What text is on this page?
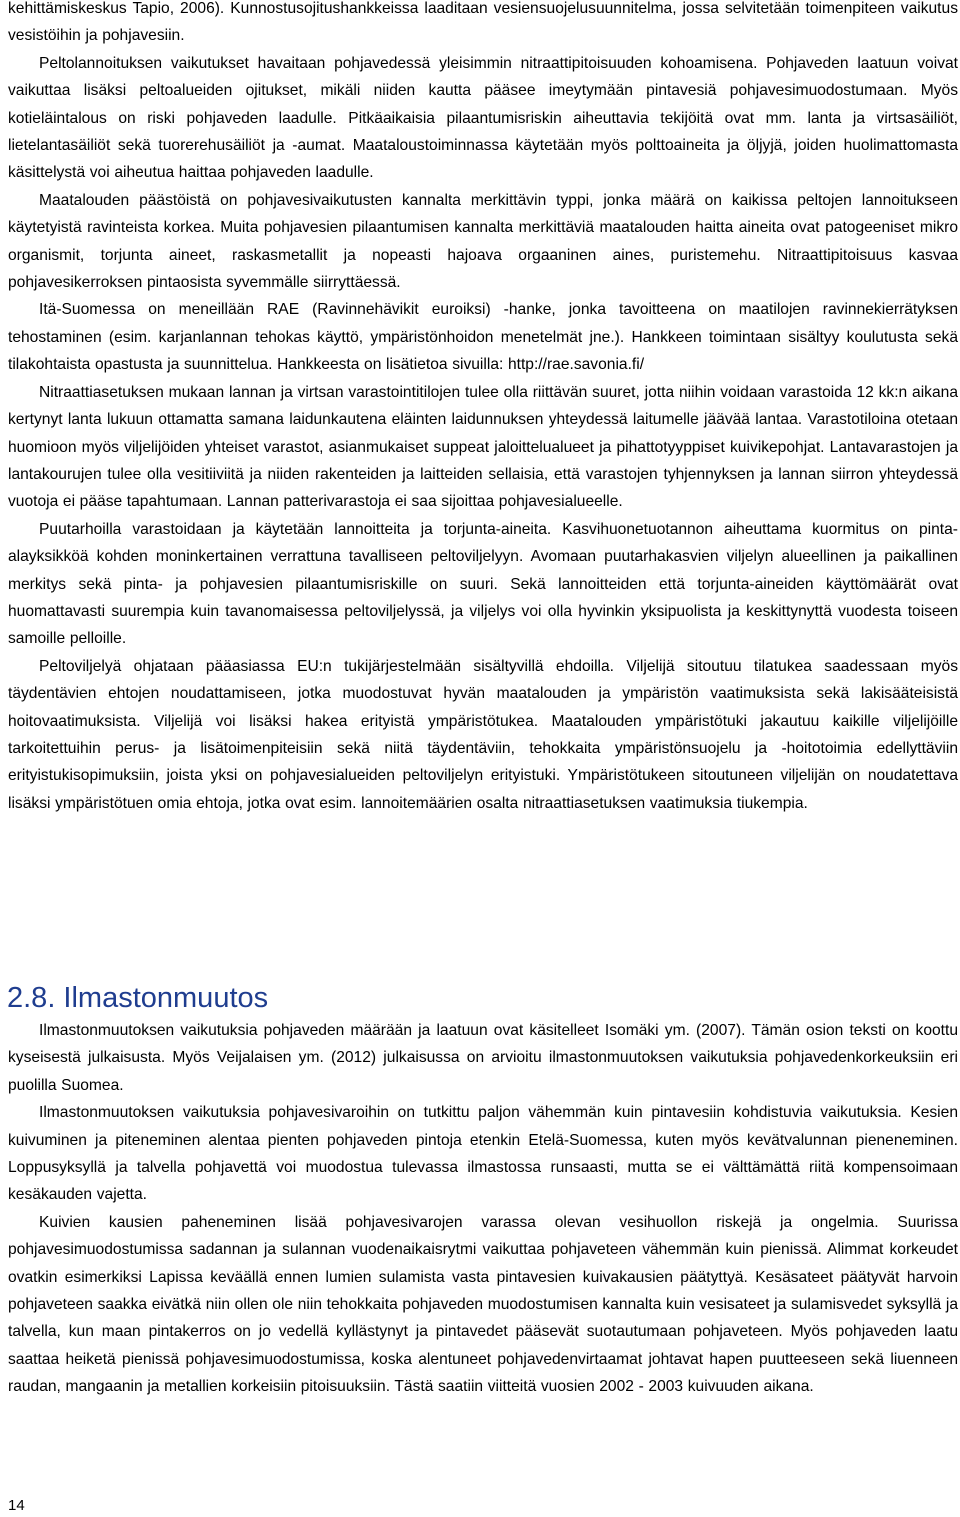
kehittämiskeskus Tapio, 2006). Kunnostusojitushankkeissa laaditaan vesiensuojelusuunnitelma, jossa selvitetään toimenpiteen vaikutus vesistöihin ja pohjavesiin.

Peltolannoituksen vaikutukset havaitaan pohjavedessä yleisimmin nitraattipitoisuuden kohoamisena. Pohjaveden laatuun voivat vaikuttaa lisäksi peltoalueiden ojitukset, mikäli niiden kautta pääsee imeytymään pintavesiä pohjavesimuodostumaan. Myös kotieläintalous on riski pohjaveden laadulle. Pitkäaikaisia pilaantumisriskin aiheuttavia tekijöitä ovat mm. lanta ja virtsasäiliöt, lietelantasäiliöt sekä tuorerehusäiliöt ja -aumat. Maataloustoiminnassa käytetään myös polttoaineita ja öljyjä, joiden huolimattomasta käsittelystä voi aiheutua haittaa pohjaveden laadulle.

Maatalouden päästöistä on pohjavesivaikutusten kannalta merkittävin typpi, jonka määrä on kaikissa peltojen lannoitukseen käytetyistä ravinteista korkea. Muita pohjavesien pilaantumisen kannalta merkittäviä maatalouden haitta aineita ovat patogeeniset mikro organismit, torjunta aineet, raskasmetallit ja nopeasti hajoava orgaaninen aines, puristemehu. Nitraattipitoisuus kasvaa pohjavesikerroksen pintaosista syvemmälle siirryttäessä.

Itä-Suomessa on meneillään RAE (Ravinnehävikit euroiksi) -hanke, jonka tavoitteena on maatilojen ravinnekierrätyksen tehostaminen (esim. karjanlannan tehokas käyttö, ympäristönhoidon menetelmät jne.). Hankkeen toimintaan sisältyy koulutusta sekä tilakohtaista opastusta ja suunnittelua. Hankkeesta on lisätietoa sivuilla: http://rae.savonia.fi/

Nitraattiasetuksen mukaan lannan ja virtsan varastointitilojen tulee olla riittävän suuret, jotta niihin voidaan varastoida 12 kk:n aikana kertynyt lanta lukuun ottamatta samana laidunkautena eläinten laidunnuksen yhteydessä laitumelle jäävää lantaa. Varastotiloina otetaan huomioon myös viljelijöiden yhteiset varastot, asianmukaiset suppeat jaloittelualueet ja pihattotyyppiset kuivikepohjat. Lantavarastojen ja lantakourujen tulee olla vesitiiviitä ja niiden rakenteiden ja laitteiden sellaisia, että varastojen tyhjennyksen ja lannan siirron yhteydessä vuotoja ei pääse tapahtumaan. Lannan patterivarastoja ei saa sijoittaa pohjavesialueelle.

Puutarhoilla varastoidaan ja käytetään lannoitteita ja torjunta-aineita. Kasvihuonetuotannon aiheuttama kuormitus on pinta-alayksikköä kohden moninkertainen verrattuna tavalliseen peltoviljelyyn. Avomaan puutarhakasvien viljelyn alueellinen ja paikallinen merkitys sekä pinta- ja pohjavesien pilaantumisriskille on suuri. Sekä lannoitteiden että torjunta-aineiden käyttömäärät ovat huomattavasti suurempia kuin tavanomaisessa peltoviljelyssä, ja viljelys voi olla hyvinkin yksipuolista ja keskittynyttä vuodesta toiseen samoille pelloille.

Peltoviljelyä ohjataan pääasiassa EU:n tukijärjestelmään sisältyvillä ehdoilla. Viljelijä sitoutuu tilatukea saadessaan myös täydentävien ehtojen noudattamiseen, jotka muodostuvat hyvän maatalouden ja ympäristön vaatimuksista sekä lakisääteisistä hoitovaatimuksista. Viljelijä voi lisäksi hakea erityistä ympäristötukea. Maatalouden ympäristötuki jakautuu kaikille viljelijöille tarkoitettuihin perus- ja lisätoimenpiteisiin sekä niitä täydentäviin, tehokkaita ympäristönsuojelu ja -hoitotoimia edellyttäviin erityistukisopimuksiin, joista yksi on pohjavesialueiden peltoviljelyn erityistuki. Ympäristötukeen sitoutuneen viljelijän on noudatettava lisäksi ympäristötuen omia ehtoja, jotka ovat esim. lannoitemäärien osalta nitraattiasetuksen vaatimuksia tiukempia.

2.8. Ilmastonmuutos

Ilmastonmuutoksen vaikutuksia pohjaveden määrään ja laatuun ovat käsitelleet Isomäki ym. (2007). Tämän osion teksti on koottu kyseisestä julkaisusta. Myös Veijalaisen ym. (2012) julkaisussa on arvioitu ilmastonmuutoksen vaikutuksia pohjavedenkorkeuksiin eri puolilla Suomea.

Ilmastonmuutoksen vaikutuksia pohjavesivaroihin on tutkittu paljon vähemmän kuin pintavesiin kohdistuvia vaikutuksia. Kesien kuivuminen ja piteneminen alentaa pienten pohjaveden pintoja etenkin Etelä-Suomessa, kuten myös kevätvalunnan pieneneminen. Loppusyksyllä ja talvella pohjavettä voi muodostua tulevassa ilmastossa runsaasti, mutta se ei välttämättä riitä kompensoimaan kesäkauden vajetta.

Kuivien kausien paheneminen lisää pohjavesivarojen varassa olevan vesihuollon riskejä ja ongelmia. Suurissa pohjavesimuodostumissa sadannan ja sulannan vuodenaikaisrytmi vaikuttaa pohjaveteen vähemmän kuin pienissä. Alimmat korkeudet ovatkin esimerkiksi Lapissa keväällä ennen lumien sulamista vasta pintavesien kuivakausien päätyttyä. Kesäsateet päätyvät harvoin pohjaveteen saakka eivätkä niin ollen ole niin tehokkaita pohjaveden muodostumisen kannalta kuin vesisateet ja sulamisvedet syksyllä ja talvella, kun maan pintakerros on jo vedellä kyllästynyt ja pintavedet pääsevät suotautumaan pohjaveteen. Myös pohjaveden laatu saattaa heiketä pienissä pohjavesimuodostumissa, koska alentuneet pohjavedenvirtaamat johtavat hapen puutteeseen sekä liuenneen raudan, mangaanin ja metallien korkeisiin pitoisuuksiin. Tästä saatiin viitteitä vuosien 2002 - 2003 kuivuuden aikana.

14
